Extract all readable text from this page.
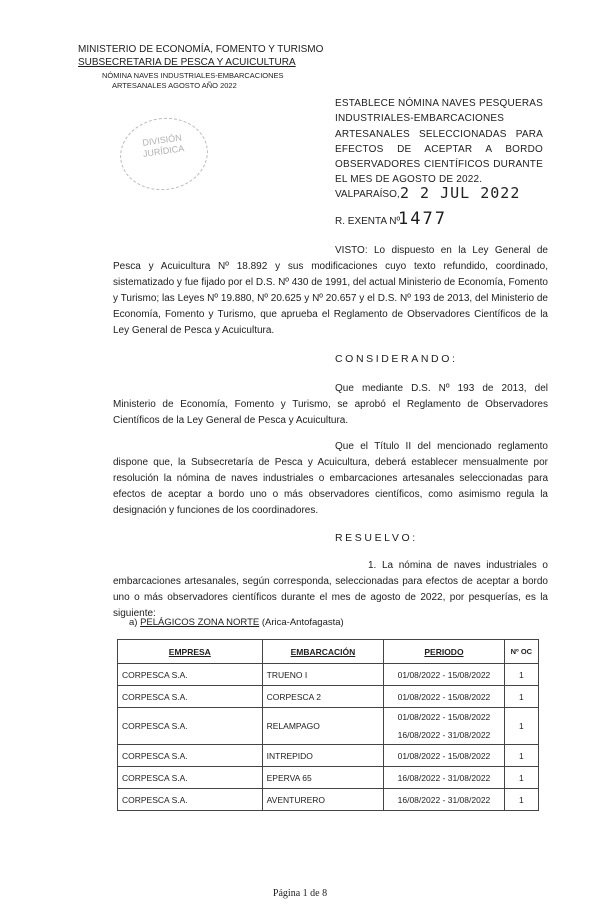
MINISTERIO DE ECONOMÍA, FOMENTO Y TURISMO
SUBSECRETARIA DE PESCA Y ACUICULTURA
NÓMINA NAVES INDUSTRIALES-EMBARCACIONES
ARTESANALES AGOSTO AÑO 2022
DIVISIÓN
JURÍDICA
ESTABLECE NÓMINA NAVES PESQUERAS INDUSTRIALES-EMBARCACIONES ARTESANALES SELECCIONADAS PARA EFECTOS DE ACEPTAR A BORDO OBSERVADORES CIENTÍFICOS DURANTE EL MES DE AGOSTO DE 2022.
VALPARAÍSO, 2 2 JUL 2022
R. EXENTA Nº
1477
VISTO: Lo dispuesto en la Ley General de Pesca y Acuicultura Nº 18.892 y sus modificaciones cuyo texto refundido, coordinado, sistematizado y fue fijado por el D.S. Nº 430 de 1991, del actual Ministerio de Economía, Fomento y Turismo; las Leyes Nº 19.880, Nº 20.625 y Nº 20.657 y el D.S. Nº 193 de 2013, del Ministerio de Economía, Fomento y Turismo, que aprueba el Reglamento de Observadores Científicos de la Ley General de Pesca y Acuicultura.
CONSIDERANDO:
Que mediante D.S. Nº 193 de 2013, del Ministerio de Economía, Fomento y Turismo, se aprobó el Reglamento de Observadores Científicos de la Ley General de Pesca y Acuicultura.
Que el Título II del mencionado reglamento dispone que, la Subsecretaría de Pesca y Acuicultura, deberá establecer mensualmente por resolución la nómina de naves industriales o embarcaciones artesanales seleccionadas para efectos de aceptar a bordo uno o más observadores científicos, como asimismo regula la designación y funciones de los coordinadores.
RESUELVO:
1. La nómina de naves industriales o embarcaciones artesanales, según corresponda, seleccionadas para efectos de aceptar a bordo uno o más observadores científicos durante el mes de agosto de 2022, por pesquerías, es la siguiente:
a) PELÁGICOS ZONA NORTE (Arica-Antofagasta)
EMPRESA	EMBARCACIÓN	PERIODO	Nº OC
CORPESCA S.A.	TRUENO I	01/08/2022 - 15/08/2022	1
CORPESCA S.A.	CORPESCA 2	01/08/2022 - 15/08/2022	1
CORPESCA S.A.	RELAMPAGO	01/08/2022 - 15/08/2022
16/08/2022 - 31/08/2022	1
CORPESCA S.A.	INTREPIDO	01/08/2022 - 15/08/2022	1
CORPESCA S.A.	EPERVA 65	16/08/2022 - 31/08/2022	1
CORPESCA S.A.	AVENTURERO	16/08/2022 - 31/08/2022	1
Página 1 de 8
